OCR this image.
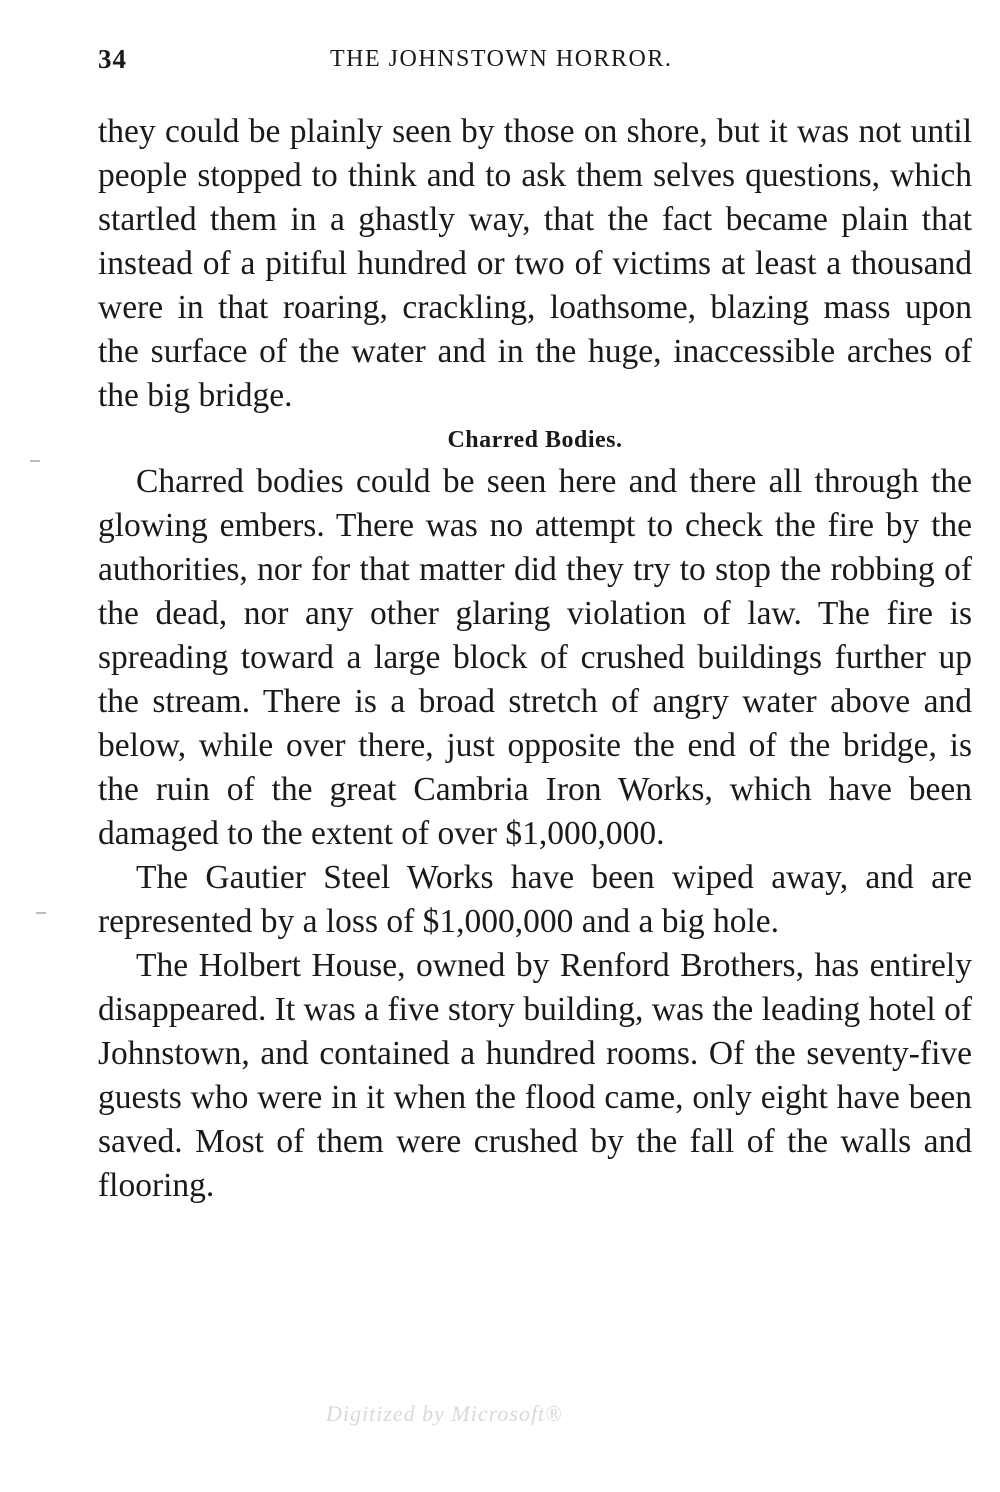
34	THE JOHNSTOWN HORROR.

they could be plainly seen by those on shore, but it was not until people stopped to think and to ask them selves questions, which startled them in a ghastly way, that the fact became plain that instead of a pitiful hundred or two of victims at least a thousand were in that roaring, crackling, loathsome, blazing mass upon the surface of the water and in the huge, inaccessible arches of the big bridge.

Charred Bodies.

Charred bodies could be seen here and there all through the glowing embers. There was no attempt to check the fire by the authorities, nor for that matter did they try to stop the robbing of the dead, nor any other glaring violation of law. The fire is spreading toward a large block of crushed buildings further up the stream. There is a broad stretch of angry water above and below, while over there, just opposite the end of the bridge, is the ruin of the great Cambria Iron Works, which have been damaged to the extent of over $1,000,000.

The Gautier Steel Works have been wiped away, and are represented by a loss of $1,000,000 and a big hole.

The Holbert House, owned by Renford Brothers, has entirely disappeared. It was a five story building, was the leading hotel of Johnstown, and contained a hundred rooms. Of the seventy-five guests who were in it when the flood came, only eight have been saved. Most of them were crushed by the fall of the walls and flooring.

Digitized by Microsoft®
